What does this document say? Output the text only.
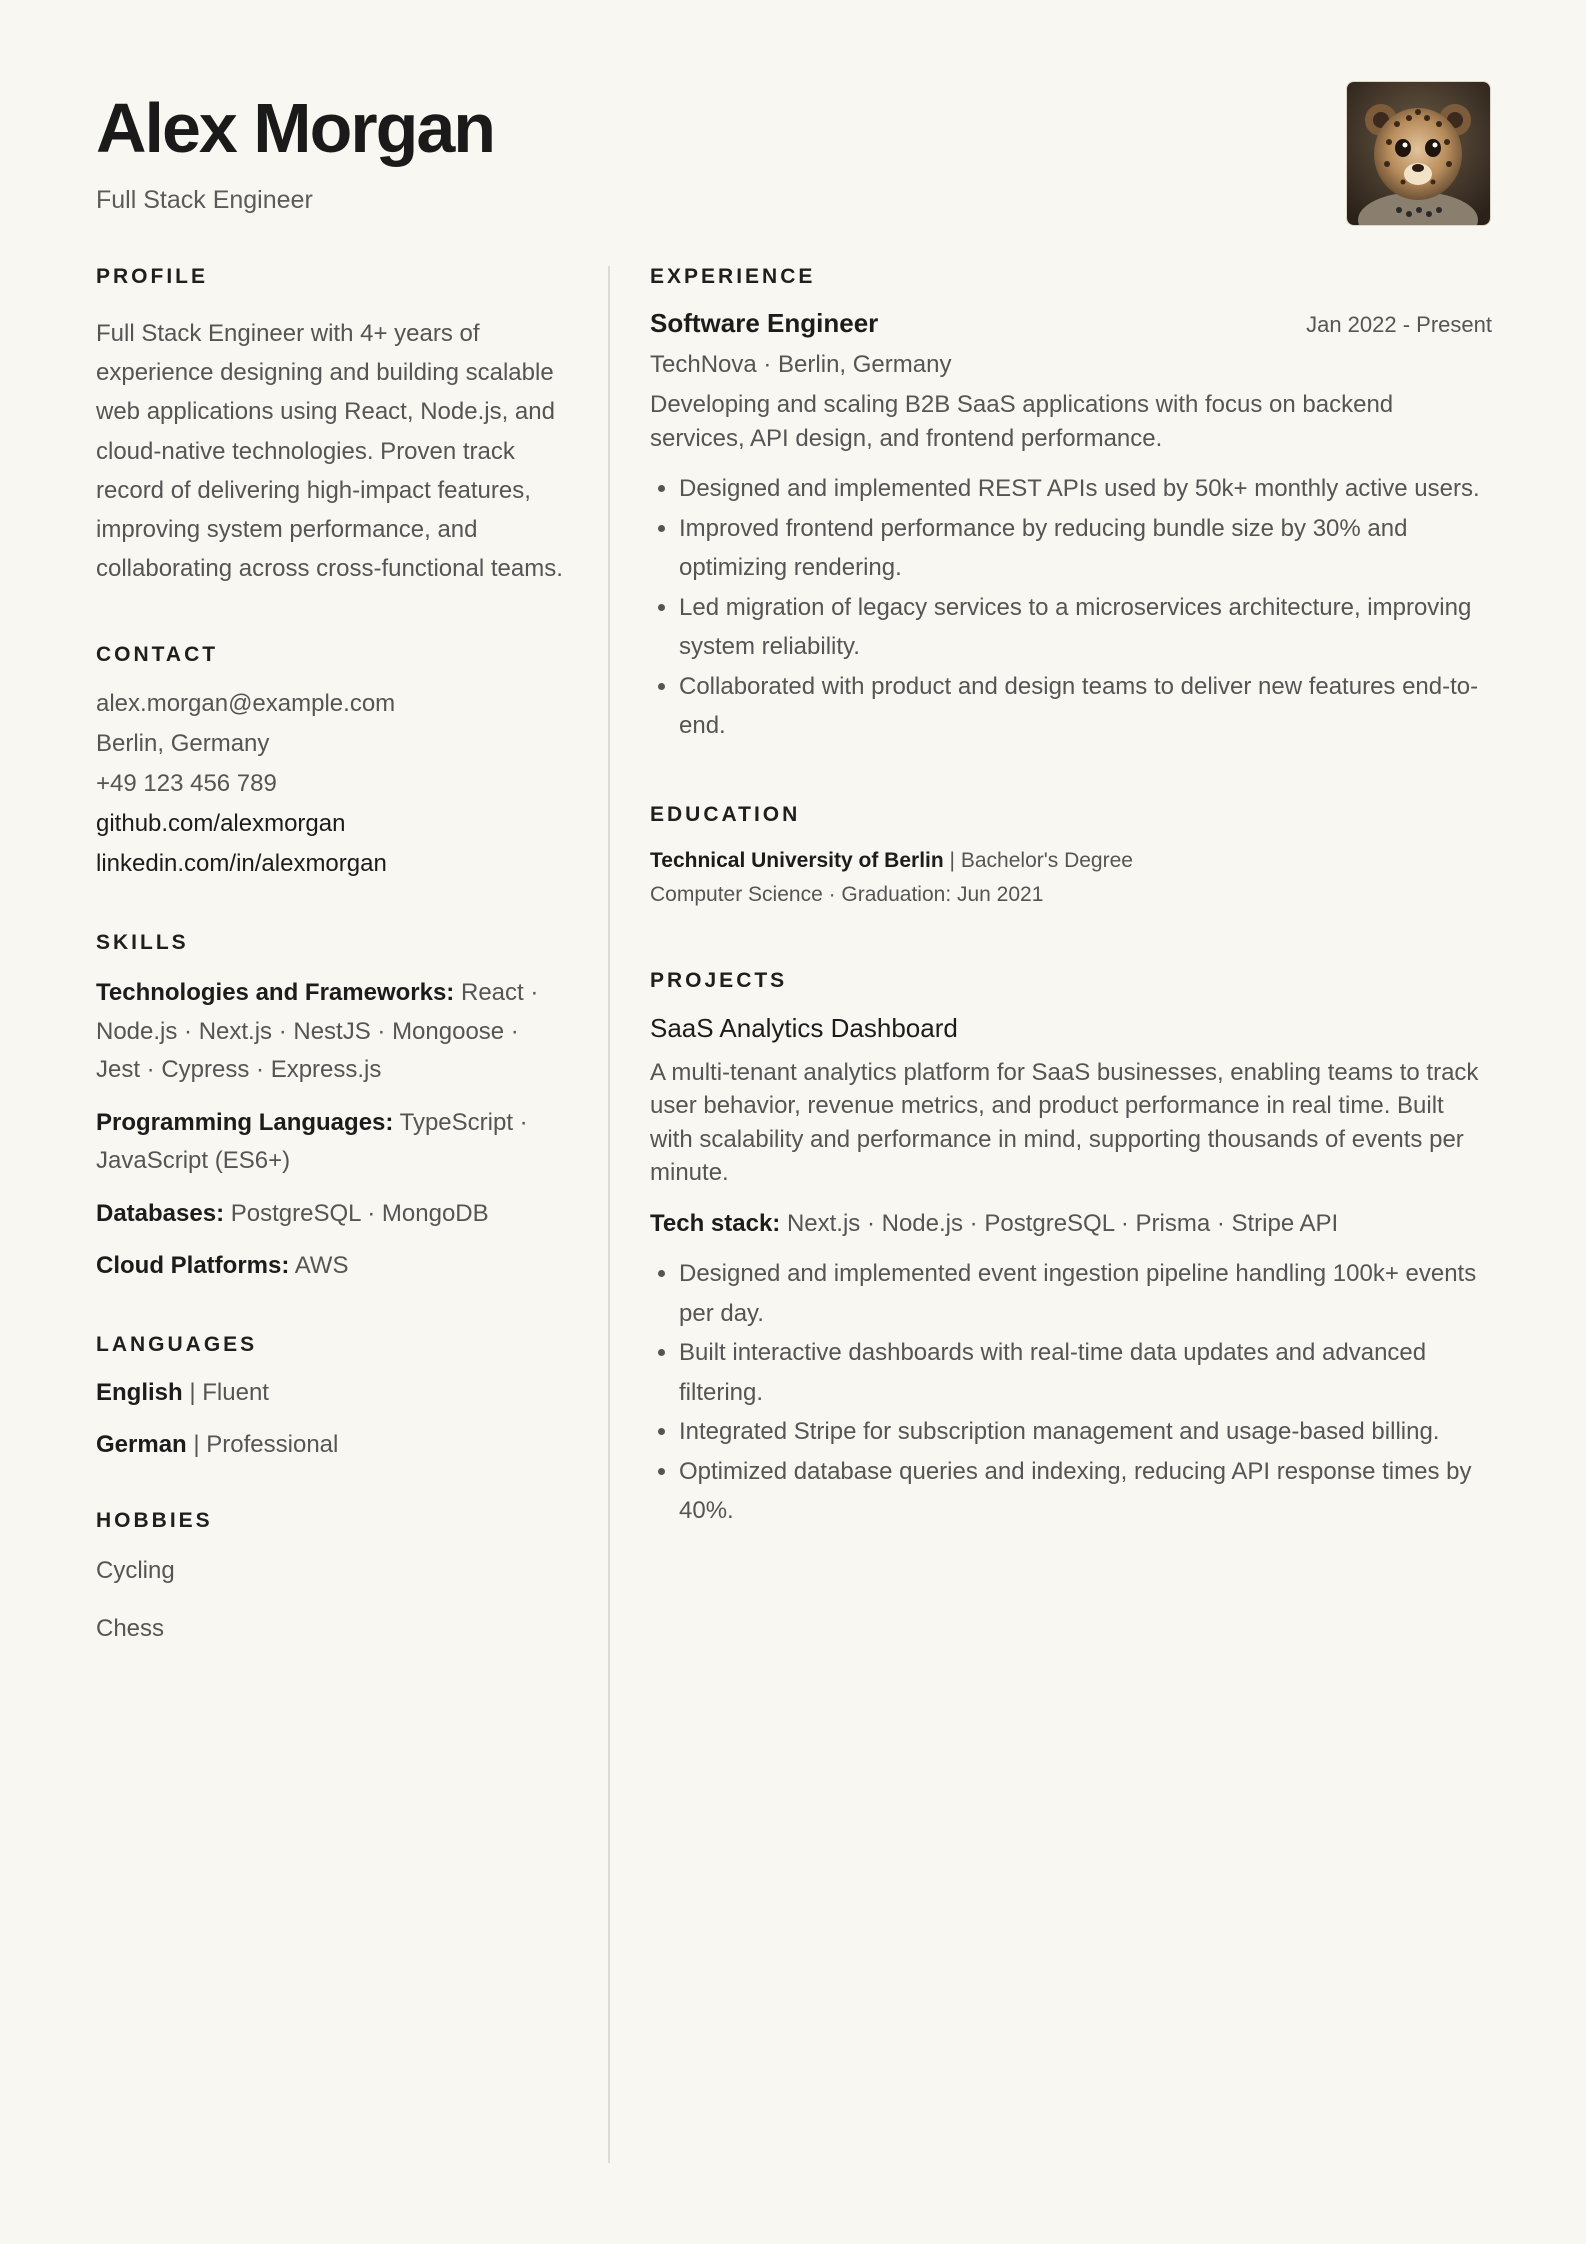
Alex Morgan
Full Stack Engineer
PROFILE

Full Stack Engineer with 4+ years of experience designing and building scalable web applications using React, Node.js, and cloud-native technologies. Proven track record of delivering high-impact features, improving system performance, and collaborating across cross-functional teams.

CONTACT
alex.morgan@example.com
Berlin, Germany
+49 123 456 789
github.com/alexmorgan
linkedin.com/in/alexmorgan
SKILLS

Technologies and Frameworks: React · Node.js · Next.js · NestJS · Mongoose · Jest · Cypress · Express.js

Programming Languages: TypeScript · JavaScript (ES6+)

Databases: PostgreSQL · MongoDB

Cloud Platforms: AWS

LANGUAGES

English | Fluent

German | Professional

HOBBIES
Cycling
Chess
EXPERIENCE
Software Engineer	Jan 2022 - Present
TechNova · Berlin, Germany

Developing and scaling B2B SaaS applications with focus on backend services, API design, and frontend performance.

• Designed and implemented REST APIs used by 50k+ monthly active users.
• Improved frontend performance by reducing bundle size by 30% and optimizing rendering.
• Led migration of legacy services to a microservices architecture, improving system reliability.
• Collaborated with product and design teams to deliver new features end-to-end.
EDUCATION
Technical University of Berlin | Bachelor's Degree
Computer Science · Graduation: Jun 2021
PROJECTS
SaaS Analytics Dashboard

A multi-tenant analytics platform for SaaS businesses, enabling teams to track user behavior, revenue metrics, and product performance in real time. Built with scalability and performance in mind, supporting thousands of events per minute.

Tech stack: Next.js · Node.js · PostgreSQL · Prisma · Stripe API

• Designed and implemented event ingestion pipeline handling 100k+ events per day.
• Built interactive dashboards with real-time data updates and advanced filtering.
• Integrated Stripe for subscription management and usage-based billing.
• Optimized database queries and indexing, reducing API response times by 40%.
